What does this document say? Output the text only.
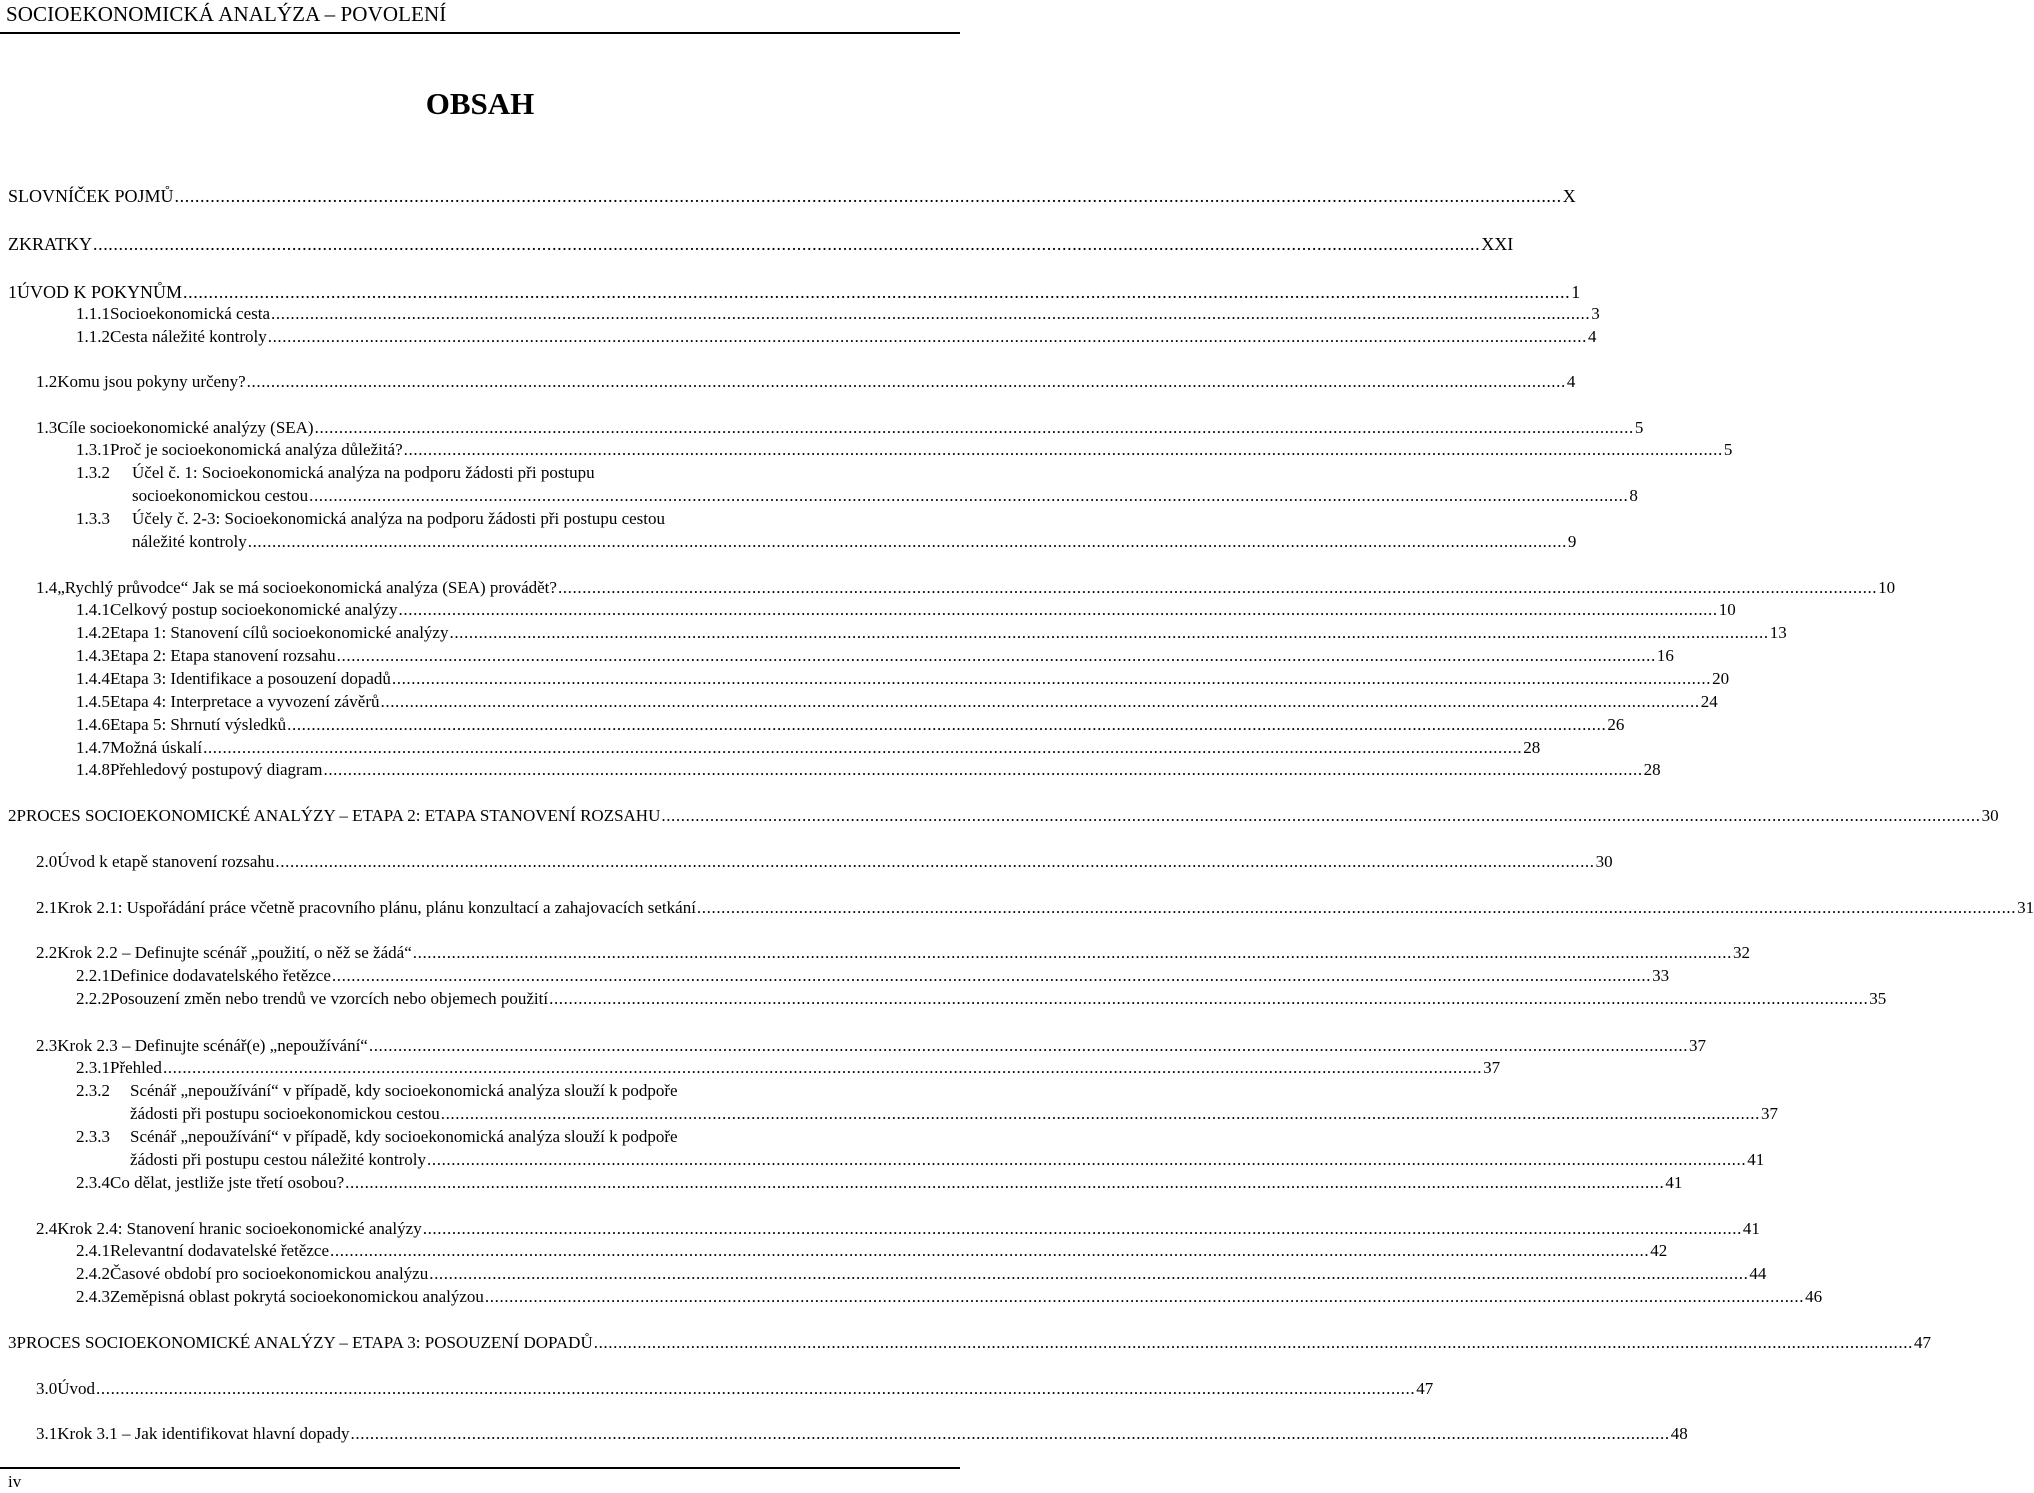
SOCIOEKONOMICKÁ ANALÝZA – POVOLENÍ
OBSAH
SLOVNÍČEK POJMŮ .....	X
ZKRATKY .....	XXI
1 ÚVOD K POKYNŮM .....	1
1.1.1 Socioekonomická cesta .....	3
1.1.2 Cesta náležité kontroly .....	4
1.2 Komu jsou pokyny určeny? .....	4
1.3 Cíle socioekonomické analýzy (SEA) .....	5
1.3.1 Proč je socioekonomická analýza důležitá? .....	5
1.3.2	Účel č. 1: Socioekonomická analýza na podporu žádosti při postupu
socioekonomickou cestou .....	8
1.3.3	Účely č. 2-3: Socioekonomická analýza na podporu žádosti při postupu cestou
náležité kontroly .....	9
1.4 „Rychlý průvodce“ Jak se má socioekonomická analýza (SEA) provádět? .....	10
1.4.1 Celkový postup socioekonomické analýzy .....	10
1.4.2 Etapa 1: Stanovení cílů socioekonomické analýzy .....	13
1.4.3 Etapa 2: Etapa stanovení rozsahu .....	16
1.4.4 Etapa 3: Identifikace a posouzení dopadů .....	20
1.4.5 Etapa 4: Interpretace a vyvození závěrů .....	24
1.4.6 Etapa 5: Shrnutí výsledků .....	26
1.4.7 Možná úskalí .....	28
1.4.8 Přehledový postupový diagram .....	28
2 PROCES SOCIOEKONOMICKÉ ANALÝZY – ETAPA 2: ETAPA STANOVENÍ ROZSAHU .....	30
2.0 Úvod k etapě stanovení rozsahu .....	30
2.1 Krok 2.1: Uspořádání práce včetně pracovního plánu, plánu konzultací a zahajovacích setkání .....	31
2.2 Krok 2.2 – Definujte scénář „použití, o něž se žádá“ .....	32
2.2.1 Definice dodavatelského řetězce .....	33
2.2.2 Posouzení změn nebo trendů ve vzorcích nebo objemech použití .....	35
2.3 Krok 2.3 – Definujte scénář(e) „nepoužívání“ .....	37
2.3.1 Přehled .....	37
2.3.2	Scénář „nepoužívání“ v případě, kdy socioekonomická analýza slouží k podpoře
žádosti při postupu socioekonomickou cestou .....	37
2.3.3	Scénář „nepoužívání“ v případě, kdy socioekonomická analýza slouží k podpoře
žádosti při postupu cestou náležité kontroly .....	41
2.3.4 Co dělat, jestliže jste třetí osobou? .....	41
2.4 Krok 2.4: Stanovení hranic socioekonomické analýzy .....	41
2.4.1 Relevantní dodavatelské řetězce .....	42
2.4.2 Časové období pro socioekonomickou analýzu .....	44
2.4.3 Zeměpisná oblast pokrytá socioekonomickou analýzou .....	46
3 PROCES SOCIOEKONOMICKÉ ANALÝZY – ETAPA 3: POSOUZENÍ DOPADŮ .....	47
3.0 Úvod .....	47
3.1 Krok 3.1 – Jak identifikovat hlavní dopady .....	48
iv
